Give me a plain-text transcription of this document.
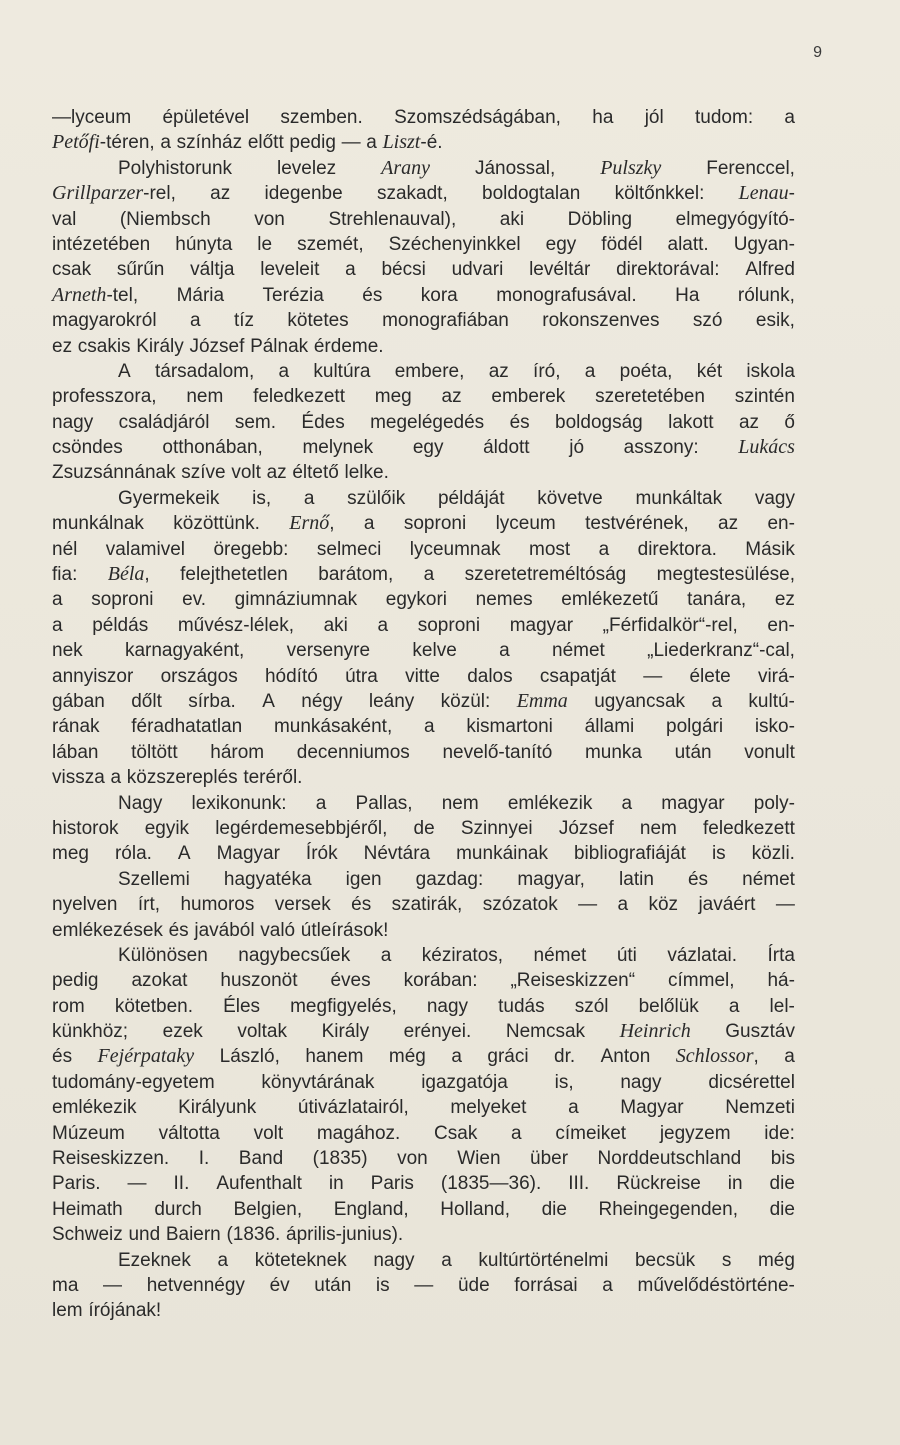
9
—lyceum épületével szemben. Szomszédságában, ha jól tudom: a
Petőfi-téren, a színház előtt pedig — a Liszt-é.
Polyhistorunk levelez Arany Jánossal, Pulszky Ferenccel,
Grillparzer-rel, az idegenbe szakadt, boldogtalan költőnkkel: Lenau-
val (Niembsch von Strehlenauval), aki Döbling elmegyógyító-
intézetében húnyta le szemét, Széchenyinkkel egy födél alatt. Ugyan-
csak sűrűn váltja leveleit a bécsi udvari levéltár direktorával: Alfred
Arneth-tel, Mária Terézia és kora monografusával. Ha rólunk,
magyarokról a tíz kötetes monografiában rokonszenves szó esik,
ez csakis Király József Pálnak érdeme.
A társadalom, a kultúra embere, az író, a poéta, két iskola
professzora, nem feledkezett meg az emberek szeretetében szintén
nagy családjáról sem. Édes megelégedés és boldogság lakott az ő
csöndes otthonában, melynek egy áldott jó asszony: Lukács
Zsuzsánnának szíve volt az éltető lelke.
Gyermekeik is, a szülőik példáját követve munkáltak vagy
munkálnak közöttünk. Ernő, a soproni lyceum testvérének, az en-
nél valamivel öregebb: selmeci lyceumnak most a direktora. Másik
fia: Béla, felejthetetlen barátom, a szeretetreméltóság megtestesülése,
a soproni ev. gimnáziumnak egykori nemes emlékezetű tanára, ez
a példás művész-lélek, aki a soproni magyar „Férfidalkör“-rel, en-
nek karnagyaként, versenyre kelve a német „Liederkranz“-cal,
annyiszor országos hódító útra vitte dalos csapatját — élete virá-
gában dőlt sírba. A négy leány közül: Emma ugyancsak a kultú-
rának féradhatatlan munkásaként, a kismartoni állami polgári isko-
lában töltött három decenniumos nevelő-tanító munka után vonult
vissza a közszereplés teréről.
Nagy lexikonunk: a Pallas, nem emlékezik a magyar poly-
historok egyik legérdemesebbjéről, de Szinnyei József nem feledkezett
meg róla. A Magyar Írók Névtára munkáinak bibliografiáját is közli.
Szellemi hagyatéka igen gazdag: magyar, latin és német
nyelven írt, humoros versek és szatirák, szózatok — a köz javáért —
emlékezések és javából való útleírások!
Különösen nagybecsűek a kéziratos, német úti vázlatai. Írta
pedig azokat huszonöt éves korában: „Reiseskizzen“ címmel, há-
rom kötetben. Éles megfigyelés, nagy tudás szól belőlük a lel-
künkhöz; ezek voltak Király erényei. Nemcsak Heinrich Gusztáv
és Fejérpataky László, hanem még a gráci dr. Anton Schlossor, a
tudomány-egyetem könyvtárának igazgatója is, nagy dicsérettel
emlékezik Királyunk útivázlatairól, melyeket a Magyar Nemzeti
Múzeum váltotta volt magához. Csak a címeiket jegyzem ide:
Reiseskizzen. I. Band (1835) von Wien über Norddeutschland bis
Paris. — II. Aufenthalt in Paris (1835—36). III. Rückreise in die
Heimath durch Belgien, England, Holland, die Rheingegenden, die
Schweiz und Baiern (1836. április-junius).
Ezeknek a köteteknek nagy a kultúrtörténelmi becsük s még
ma — hetvennégy év után is — üde forrásai a művelődéstörténe-
lem írójának!
